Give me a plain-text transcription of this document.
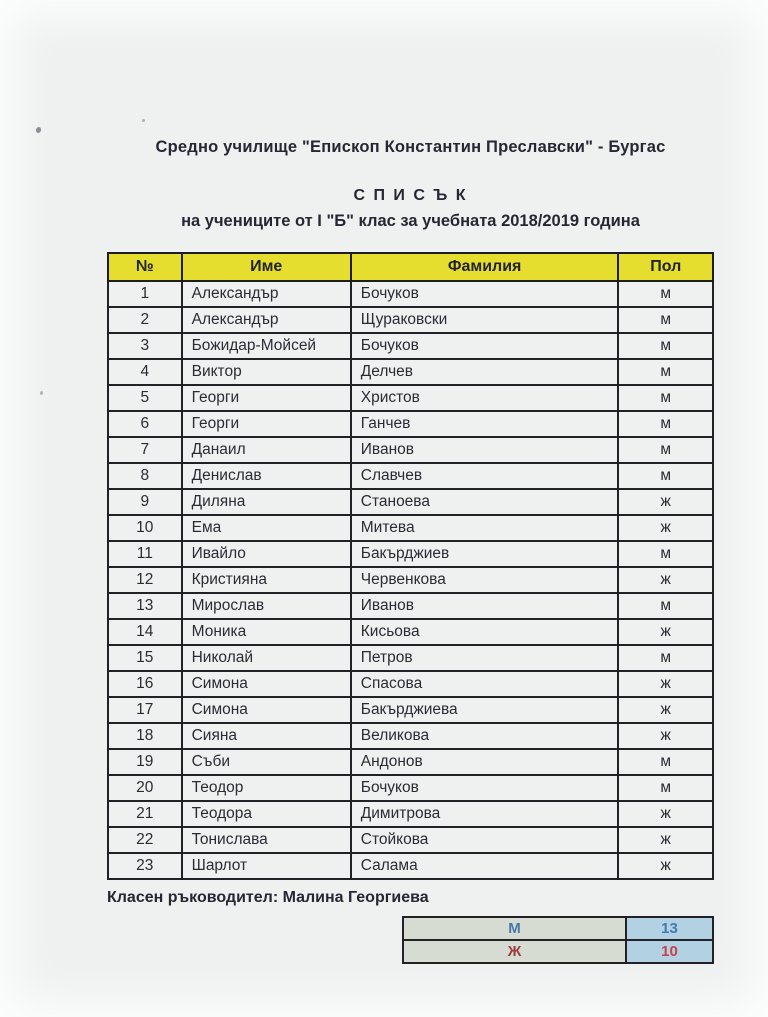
Средно училище "Епископ Константин Преславски" - Бургас
С П И С Ъ К
на учениците от I "Б" клас за учебната 2018/2019 година
№	Име	Фамилия	Пол
1	Александър	Бочуков	м
2	Александър	Щураковски	м
3	Божидар-Мойсей	Бочуков	м
4	Виктор	Делчев	м
5	Георги	Христов	м
6	Георги	Ганчев	м
7	Данаил	Иванов	м
8	Денислав	Славчев	м
9	Диляна	Станоева	ж
10	Ема	Митева	ж
11	Ивайло	Бакърджиев	м
12	Кристияна	Червенкова	ж
13	Мирослав	Иванов	м
14	Моника	Кисьова	ж
15	Николай	Петров	м
16	Симона	Спасова	ж
17	Симона	Бакърджиева	ж
18	Сияна	Великова	ж
19	Съби	Андонов	м
20	Теодор	Бочуков	м
21	Теодора	Димитрова	ж
22	Тонислава	Стойкова	ж
23	Шарлот	Салама	ж
Класен ръководител: Малина Георгиева
М	13
Ж	10
